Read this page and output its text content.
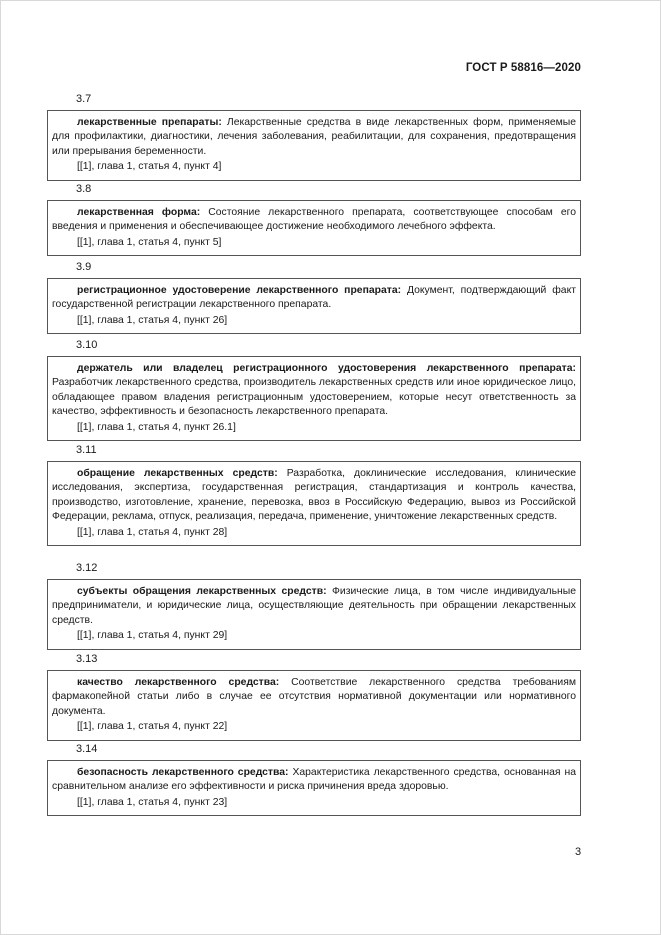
ГОСТ Р 58816—2020
3.7

лекарственные препараты: Лекарственные средства в виде лекарственных форм, применяемые для профилактики, диагностики, лечения заболевания, реабилитации, для сохранения, предотвращения или прерывания беременности.

[[1], глава 1, статья 4, пункт 4]

3.8

лекарственная форма: Состояние лекарственного препарата, соответствующее способам его введения и применения и обеспечивающее достижение необходимого лечебного эффекта.

[[1], глава 1, статья 4, пункт 5]

3.9

регистрационное удостоверение лекарственного препарата: Документ, подтверждающий факт государственной регистрации лекарственного препарата.

[[1], глава 1, статья 4, пункт 26]

3.10

держатель или владелец регистрационного удостоверения лекарственного препарата: Разработчик лекарственного средства, производитель лекарственных средств или иное юридическое лицо, обладающее правом владения регистрационным удостоверением, которые несут ответственность за качество, эффективность и безопасность лекарственного препарата.

[[1], глава 1, статья 4, пункт 26.1]

3.11

обращение лекарственных средств: Разработка, доклинические исследования, клинические исследования, экспертиза, государственная регистрация, стандартизация и контроль качества, производство, изготовление, хранение, перевозка, ввоз в Российскую Федерацию, вывоз из Российской Федерации, реклама, отпуск, реализация, передача, применение, уничтожение лекарственных средств.

[[1], глава 1, статья 4, пункт 28]

3.12

субъекты обращения лекарственных средств: Физические лица, в том числе индивидуальные предприниматели, и юридические лица, осуществляющие деятельность при обращении лекарственных средств.

[[1], глава 1, статья 4, пункт 29]

3.13

качество лекарственного средства: Соответствие лекарственного средства требованиям фармакопейной статьи либо в случае ее отсутствия нормативной документации или нормативного документа.

[[1], глава 1, статья 4, пункт 22]

3.14

безопасность лекарственного средства: Характеристика лекарственного средства, основанная на сравнительном анализе его эффективности и риска причинения вреда здоровью.

[[1], глава 1, статья 4, пункт 23]

3
